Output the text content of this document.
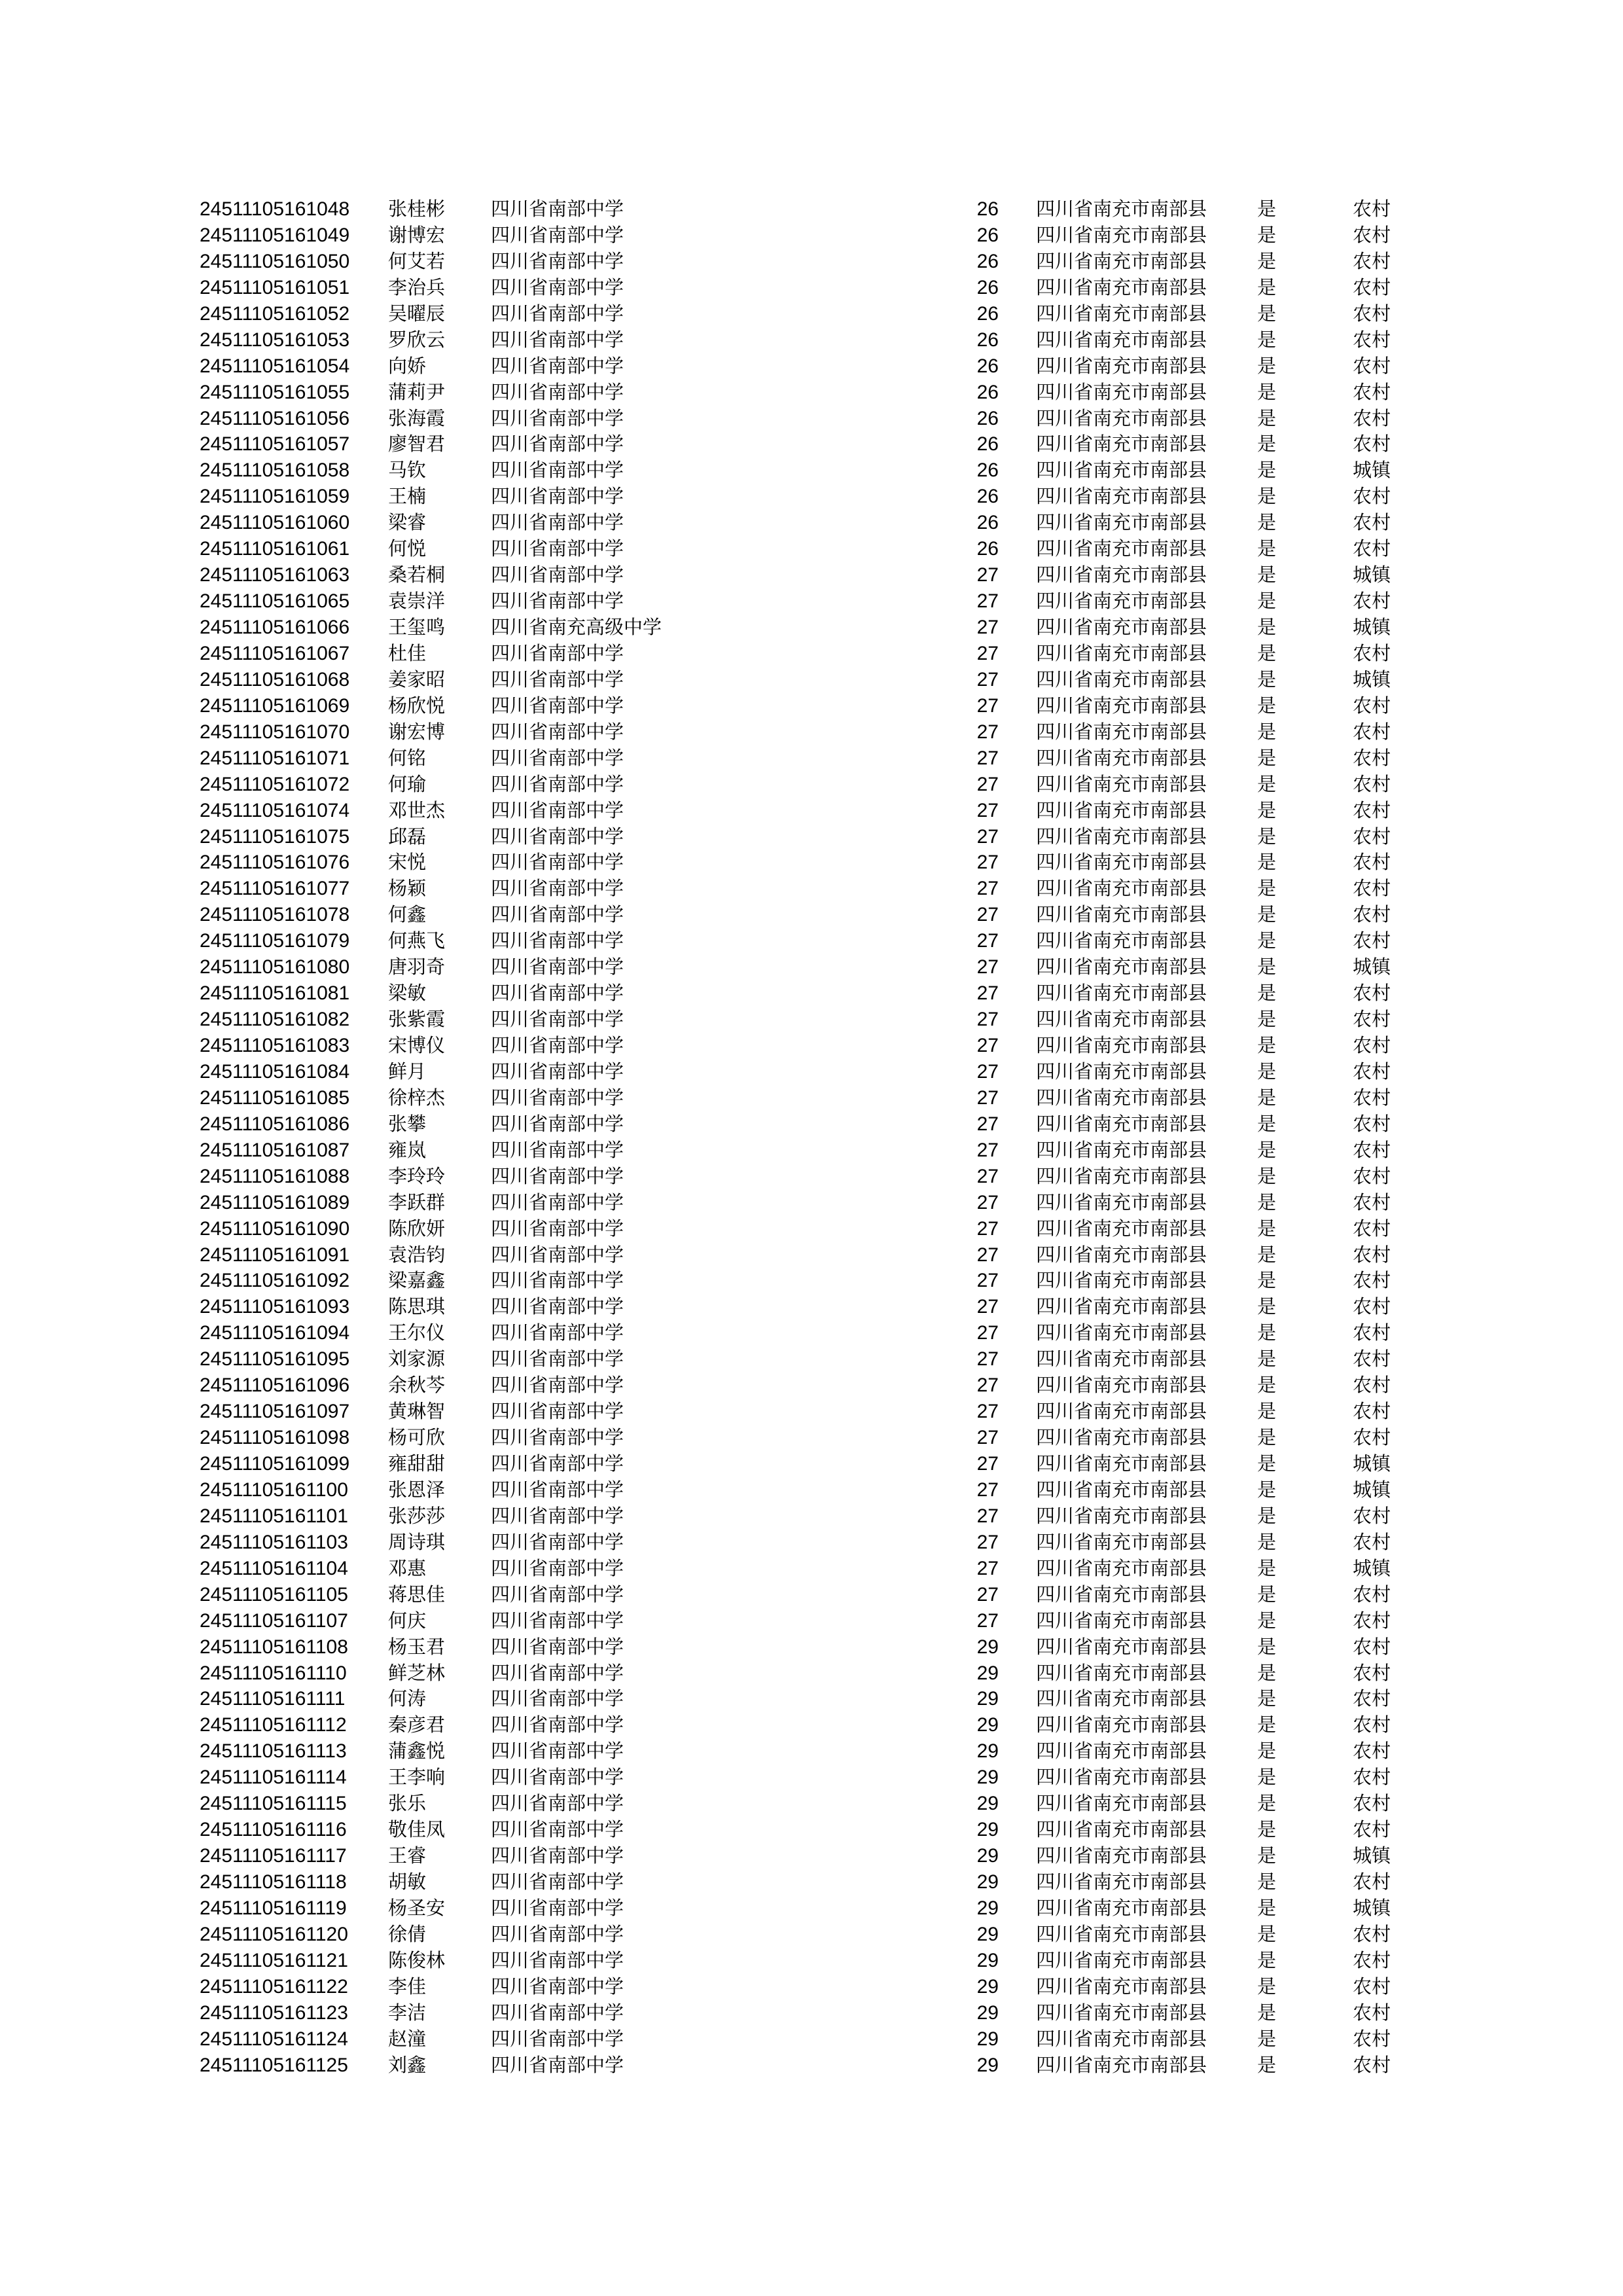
24511105161048 张桂彬 四川省南部中学	26 四川省南充市南部县	是	农村
24511105161049 谢博宏 四川省南部中学	26 四川省南充市南部县	是	农村
24511105161050 何艾若 四川省南部中学	26 四川省南充市南部县	是	农村
24511105161051 李治兵 四川省南部中学	26 四川省南充市南部县	是	农村
24511105161052 吴曜辰 四川省南部中学	26 四川省南充市南部县	是	农村
24511105161053 罗欣云 四川省南部中学	26 四川省南充市南部县	是	农村
24511105161054 向娇	四川省南部中学	26 四川省南充市南部县	是	农村
24511105161055 蒲莉尹 四川省南部中学	26 四川省南充市南部县	是	农村
24511105161056 张海霞 四川省南部中学	26 四川省南充市南部县	是	农村
24511105161057 廖智君 四川省南部中学	26 四川省南充市南部县	是	农村
24511105161058 马钦	四川省南部中学	26 四川省南充市南部县	是	城镇
24511105161059 王楠	四川省南部中学	26 四川省南充市南部县	是	农村
24511105161060 梁睿	四川省南部中学	26 四川省南充市南部县	是	农村
24511105161061 何悦	四川省南部中学	26 四川省南充市南部县	是	农村
24511105161063 桑若桐 四川省南部中学	27 四川省南充市南部县	是	城镇
24511105161065 袁崇洋 四川省南部中学	27 四川省南充市南部县	是	农村
24511105161066 王玺鸣 四川省南充高级中学	27 四川省南充市南部县	是	城镇
24511105161067 杜佳	四川省南部中学	27 四川省南充市南部县	是	农村
24511105161068 姜家昭 四川省南部中学	27 四川省南充市南部县	是	城镇
24511105161069 杨欣悦 四川省南部中学	27 四川省南充市南部县	是	农村
24511105161070 谢宏博 四川省南部中学	27 四川省南充市南部县	是	农村
24511105161071 何铭	四川省南部中学	27 四川省南充市南部县	是	农村
24511105161072 何瑜	四川省南部中学	27 四川省南充市南部县	是	农村
24511105161074 邓世杰 四川省南部中学	27 四川省南充市南部县	是	农村
24511105161075 邱磊	四川省南部中学	27 四川省南充市南部县	是	农村
24511105161076 宋悦	四川省南部中学	27 四川省南充市南部县	是	农村
24511105161077 杨颖	四川省南部中学	27 四川省南充市南部县	是	农村
24511105161078 何鑫	四川省南部中学	27 四川省南充市南部县	是	农村
24511105161079 何燕飞 四川省南部中学	27 四川省南充市南部县	是	农村
24511105161080 唐羽奇 四川省南部中学	27 四川省南充市南部县	是	城镇
24511105161081 梁敏	四川省南部中学	27 四川省南充市南部县	是	农村
24511105161082 张紫霞 四川省南部中学	27 四川省南充市南部县	是	农村
24511105161083 宋博仪 四川省南部中学	27 四川省南充市南部县	是	农村
24511105161084 鲜月	四川省南部中学	27 四川省南充市南部县	是	农村
24511105161085 徐梓杰 四川省南部中学	27 四川省南充市南部县	是	农村
24511105161086 张攀	四川省南部中学	27 四川省南充市南部县	是	农村
24511105161087 雍岚	四川省南部中学	27 四川省南充市南部县	是	农村
24511105161088 李玲玲 四川省南部中学	27 四川省南充市南部县	是	农村
24511105161089 李跃群 四川省南部中学	27 四川省南充市南部县	是	农村
24511105161090 陈欣妍 四川省南部中学	27 四川省南充市南部县	是	农村
24511105161091 袁浩钧 四川省南部中学	27 四川省南充市南部县	是	农村
24511105161092 梁嘉鑫 四川省南部中学	27 四川省南充市南部县	是	农村
24511105161093 陈思琪 四川省南部中学	27 四川省南充市南部县	是	农村
24511105161094 王尔仪 四川省南部中学	27 四川省南充市南部县	是	农村
24511105161095 刘家源 四川省南部中学	27 四川省南充市南部县	是	农村
24511105161096 余秋芩 四川省南部中学	27 四川省南充市南部县	是	农村
24511105161097 黄琳智 四川省南部中学	27 四川省南充市南部县	是	农村
24511105161098 杨可欣 四川省南部中学	27 四川省南充市南部县	是	农村
24511105161099 雍甜甜 四川省南部中学	27 四川省南充市南部县	是	城镇
24511105161100 张恩泽 四川省南部中学	27 四川省南充市南部县	是	城镇
24511105161101 张莎莎 四川省南部中学	27 四川省南充市南部县	是	农村
24511105161103 周诗琪 四川省南部中学	27 四川省南充市南部县	是	农村
24511105161104 邓惠	四川省南部中学	27 四川省南充市南部县	是	城镇
24511105161105 蒋思佳 四川省南部中学	27 四川省南充市南部县	是	农村
24511105161107 何庆	四川省南部中学	27 四川省南充市南部县	是	农村
24511105161108 杨玉君 四川省南部中学	29 四川省南充市南部县	是	农村
24511105161110 鲜芝林 四川省南部中学	29 四川省南充市南部县	是	农村
24511105161111 何涛	四川省南部中学	29 四川省南充市南部县	是	农村
24511105161112 秦彦君 四川省南部中学	29 四川省南充市南部县	是	农村
24511105161113 蒲鑫悦 四川省南部中学	29 四川省南充市南部县	是	农村
24511105161114 王李响 四川省南部中学	29 四川省南充市南部县	是	农村
24511105161115 张乐	四川省南部中学	29 四川省南充市南部县	是	农村
24511105161116 敬佳凤 四川省南部中学	29 四川省南充市南部县	是	农村
24511105161117 王睿	四川省南部中学	29 四川省南充市南部县	是	城镇
24511105161118 胡敏	四川省南部中学	29 四川省南充市南部县	是	农村
24511105161119 杨圣安 四川省南部中学	29 四川省南充市南部县	是	城镇
24511105161120 徐倩	四川省南部中学	29 四川省南充市南部县	是	农村
24511105161121 陈俊林 四川省南部中学	29 四川省南充市南部县	是	农村
24511105161122 李佳	四川省南部中学	29 四川省南充市南部县	是	农村
24511105161123 李洁	四川省南部中学	29 四川省南充市南部县	是	农村
24511105161124 赵潼	四川省南部中学	29 四川省南充市南部县	是	农村
24511105161125 刘鑫	四川省南部中学	29 四川省南充市南部县	是	农村
